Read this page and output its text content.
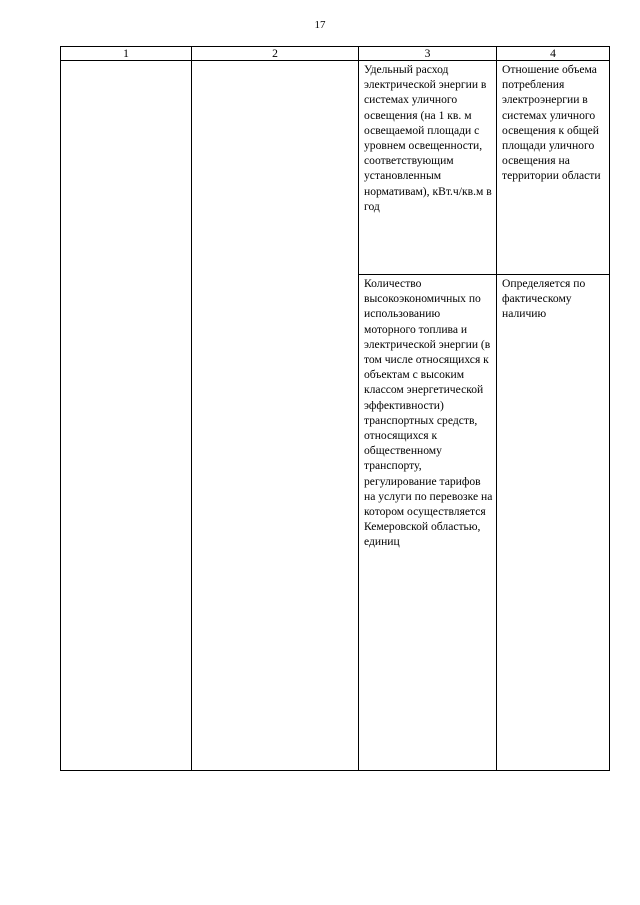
17
1	2	3	4

		Удельный расход электрической энергии в системах уличного освещения (на 1 кв. м освещаемой площади с уровнем освещенности, соответствующим установленным нормативам), кВт.ч/кв.м в год	Отношение объема потребления электроэнергии в системах уличного освещения к общей площади уличного освещения на территории области

		Количество высокоэкономичных по использованию моторного топлива и электрической энергии (в том числе относящихся к объектам с высоким классом энергетической эффективности) транспортных средств, относящихся к общественному транспорту, регулирование тарифов на услуги по перевозке на котором осуществляется Кемеровской областью, единиц	Определяется по фактическому наличию
